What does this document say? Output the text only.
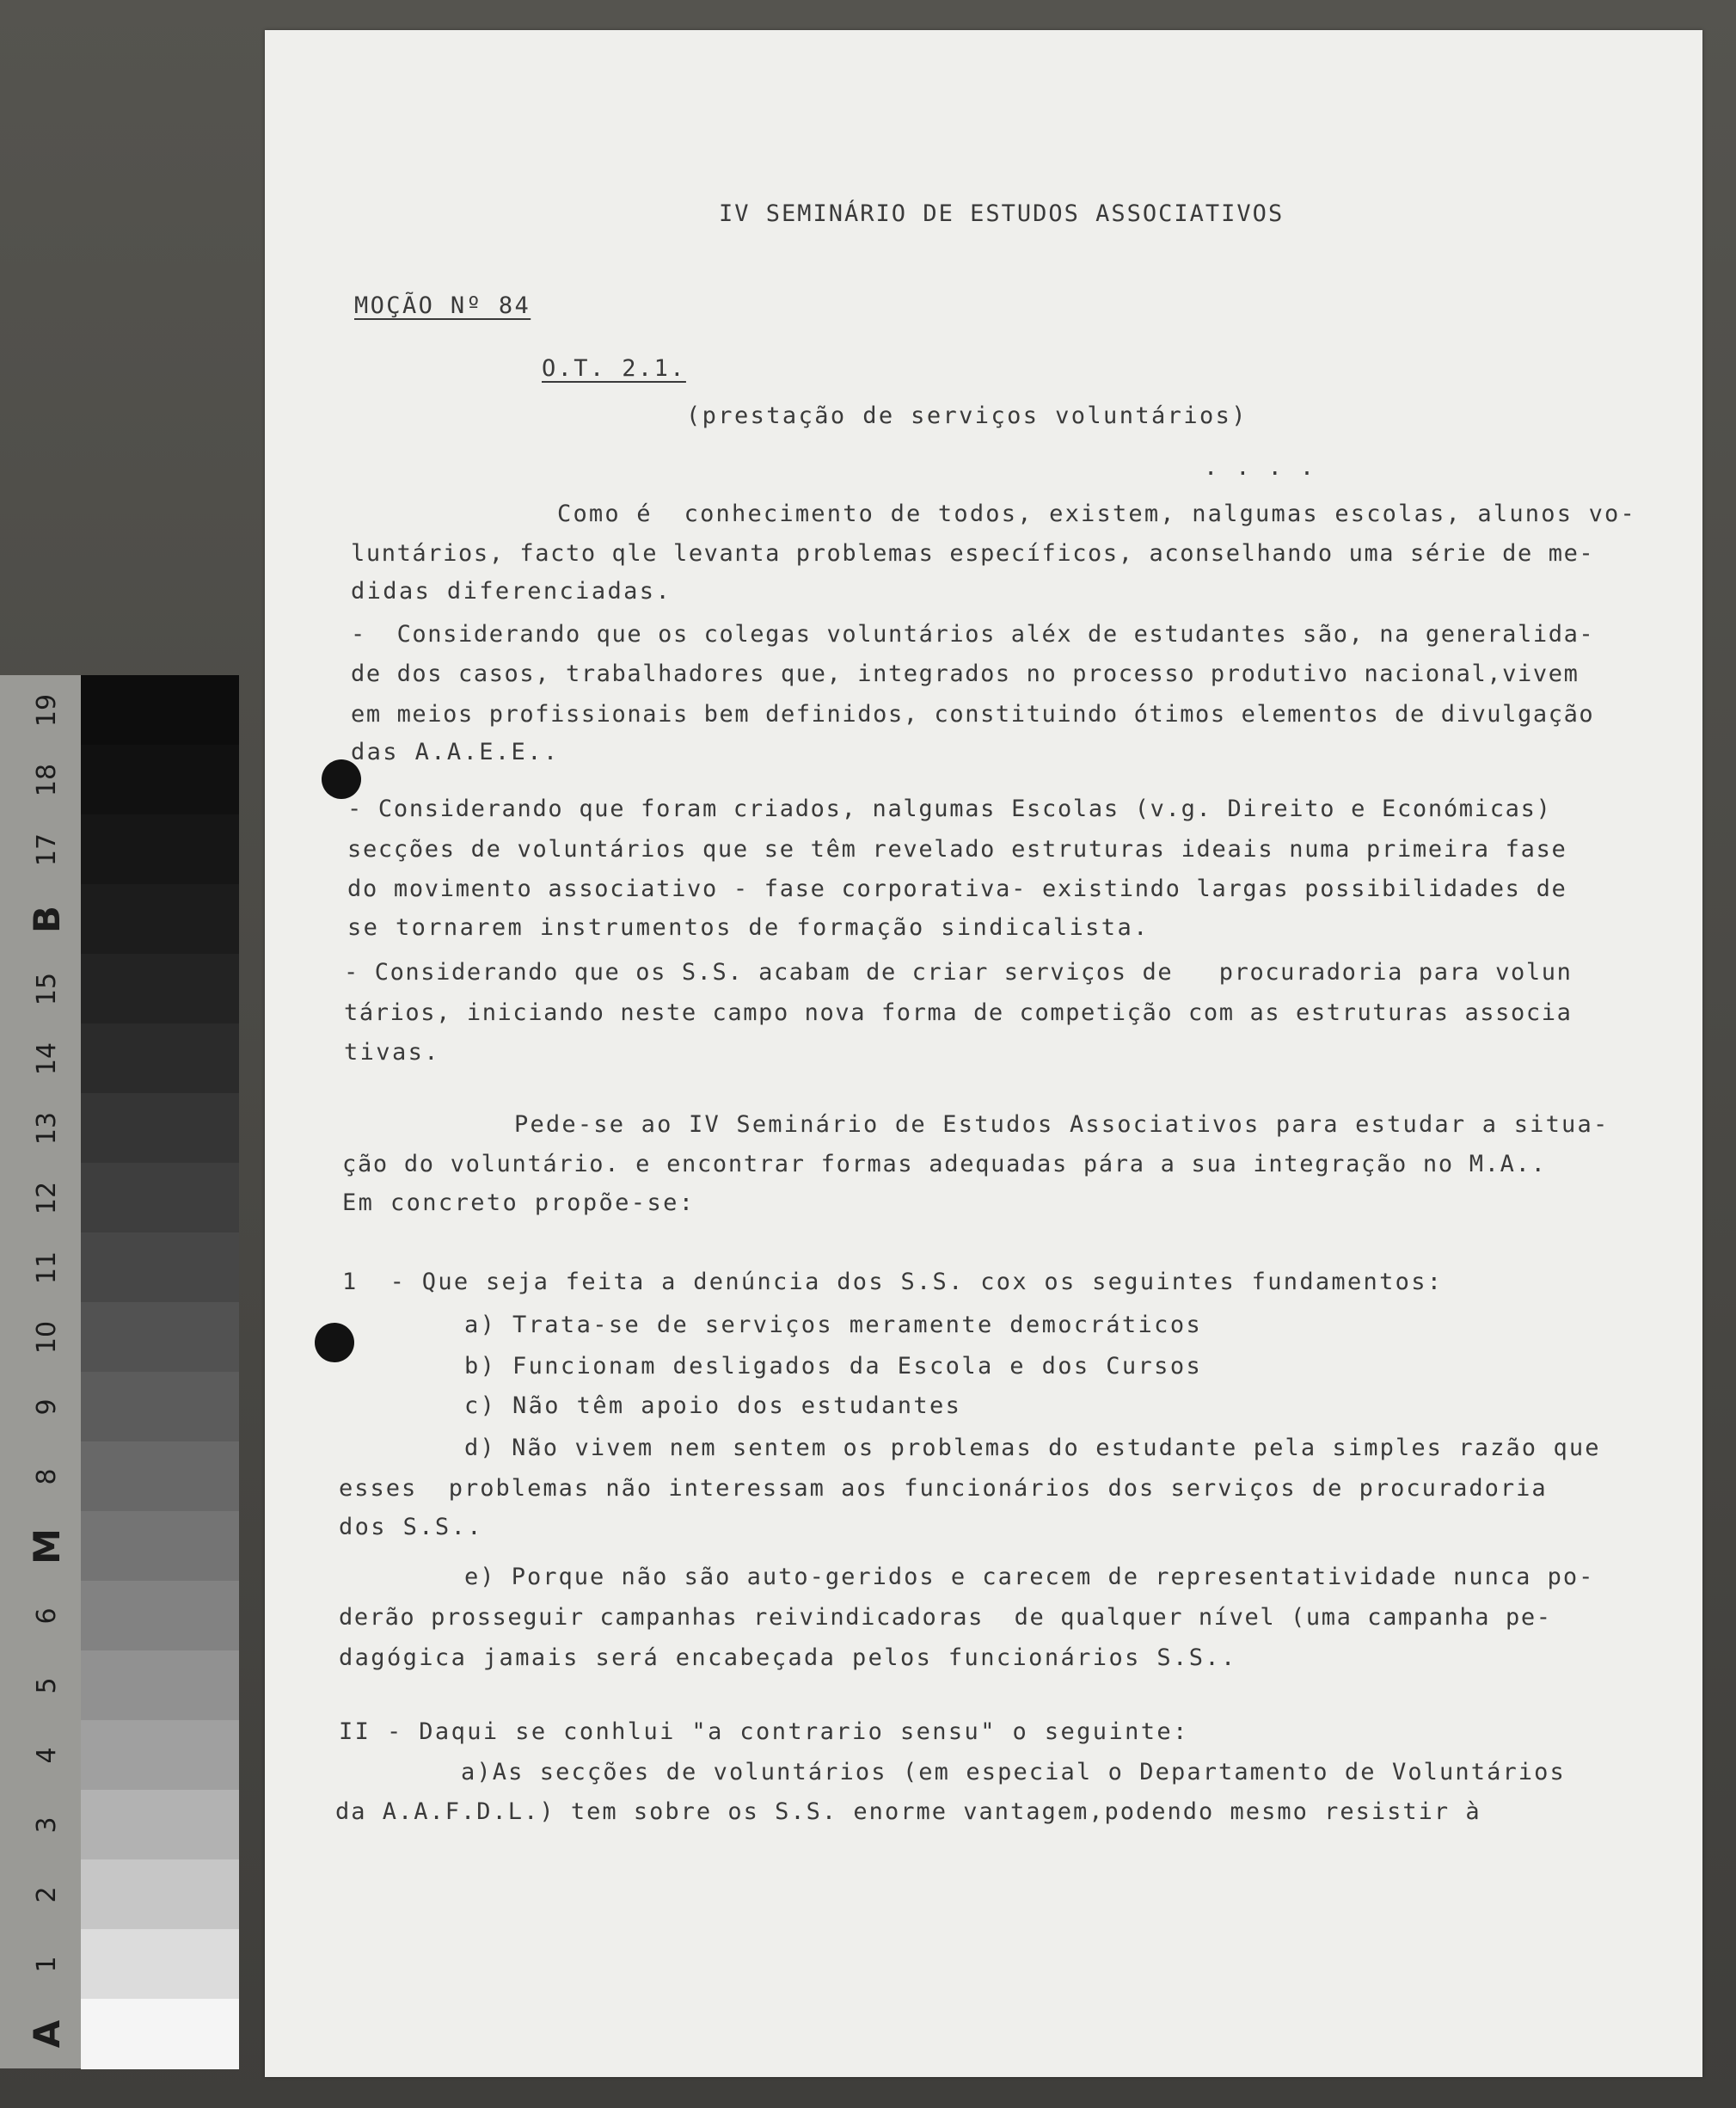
19
18
17
B
15
14
13
12
11
10
9
8
M
6
5
4
3
2
1
A
IV SEMINÁRIO DE ESTUDOS ASSOCIATIVOS
MOÇÃO Nº 84
O.T. 2.1.
(prestação de serviços voluntários)
. . . .
Como é  conhecimento de todos, existem, nalgumas escolas, alunos vo-
luntários, facto qle levanta problemas específicos, aconselhando uma série de me-
didas diferenciadas.
-  Considerando que os colegas voluntários aléx de estudantes são, na generalida-
de dos casos, trabalhadores que, integrados no processo produtivo nacional,vivem
em meios profissionais bem definidos, constituindo ótimos elementos de divulgação
das A.A.E.E..
- Considerando que foram criados, nalgumas Escolas (v.g. Direito e Económicas)
secções de voluntários que se têm revelado estruturas ideais numa primeira fase
do movimento associativo - fase corporativa- existindo largas possibilidades de
se tornarem instrumentos de formação sindicalista.
- Considerando que os S.S. acabam de criar serviços de   procuradoria para volun
tários, iniciando neste campo nova forma de competição com as estruturas associa
tivas.
Pede-se ao IV Seminário de Estudos Associativos para estudar a situa-
ção do voluntário. e encontrar formas adequadas pára a sua integração no M.A..
Em concreto propõe-se:
1  - Que seja feita a denúncia dos S.S. cox os seguintes fundamentos:
a) Trata-se de serviços meramente democráticos
b) Funcionam desligados da Escola e dos Cursos
c) Não têm apoio dos estudantes
d) Não vivem nem sentem os problemas do estudante pela simples razão que
esses  problemas não interessam aos funcionários dos serviços de procuradoria
dos S.S..
e) Porque não são auto-geridos e carecem de representatividade nunca po-
derão prosseguir campanhas reivindicadoras  de qualquer nível (uma campanha pe-
dagógica jamais será encabeçada pelos funcionários S.S..
II - Daqui se conhlui "a contrario sensu" o seguinte:
a)As secções de voluntários (em especial o Departamento de Voluntários
da A.A.F.D.L.) tem sobre os S.S. enorme vantagem,podendo mesmo resistir à
